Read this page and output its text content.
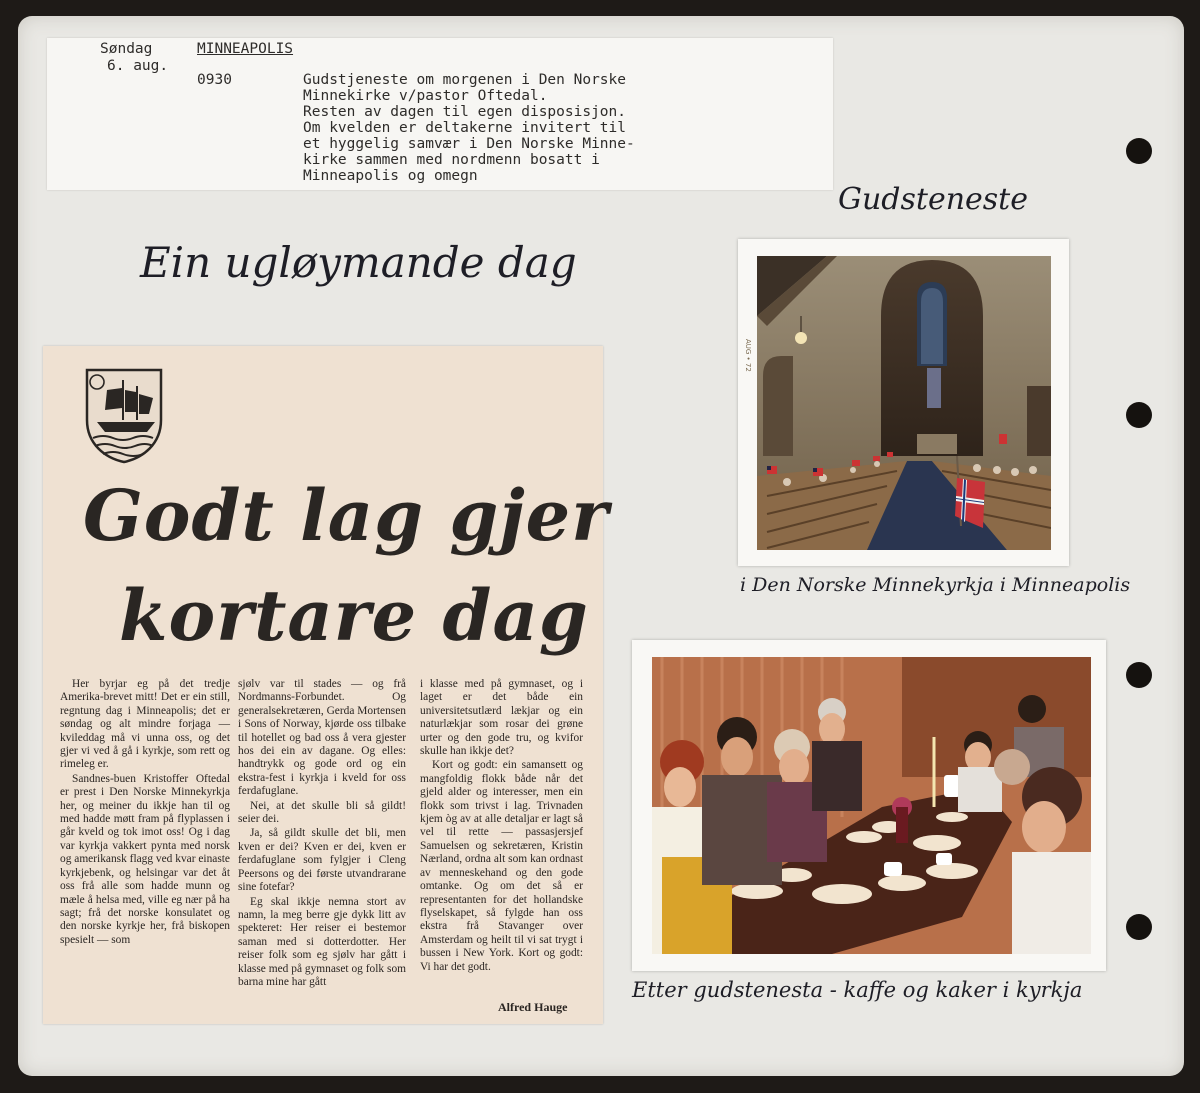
Søndag
6. aug.
MINNEAPOLIS
0930	Gudstjeneste om morgenen i Den Norske
Minnekirke v/pastor Oftedal.
Resten av dagen til egen disposisjon.
Om kvelden er deltakerne invitert til
et hyggelig samvær i Den Norske Minne-
kirke sammen med nordmenn bosatt i
Minneapolis og omegn
Ein ugløymande dag
Gudsteneste
i Den Norske Minnekyrkja i Minneapolis
Etter gudstenesta - kaffe og kaker i kyrkja
Godt lag gjer
kortare dag

Her byrjar eg på det tredje Amerika-brevet mitt! Det er ein still, regntung dag i Minneapolis; det er søndag og alt mindre forjaga — kvileddag må vi unna oss, og det gjer vi ved å gå i kyrkje, som rett og rimeleg er.

Sandnes-buen Kristoffer Oftedal er prest i Den Norske Minnekyrkja her, og meiner du ikkje han til og med hadde møtt fram på flyplassen i går kveld og tok imot oss! Og i dag var kyrkja vakkert pynta med norsk og amerikansk flagg ved kvar einaste kyrkjebenk, og helsingar var det åt oss frå alle som hadde munn og mæle å helsa med, ville eg nær på ha sagt; frå det norske konsulatet og den norske kyrkje her, frå biskopen spesielt — som

sjølv var til stades — og frå Nordmanns-Forbundet. Og generalsekretæren, Gerda Mortensen i Sons of Norway, kjørde oss tilbake til hotellet og bad oss å vera gjester hos dei ein av dagane. Og elles: handtrykk og gode ord og ein ekstra-fest i kyrkja i kveld for oss ferdafuglane.

Nei, at det skulle bli så gildt! seier dei.

Ja, så gildt skulle det bli, men kven er dei? Kven er dei, kven er ferdafuglane som fylgjer i Cleng Peersons og dei første utvandrarane sine fotefar?

Eg skal ikkje nemna stort av namn, la meg berre gje dykk litt av spekteret: Her reiser ei bestemor saman med si dotterdotter. Her reiser folk som eg sjølv har gått i klasse med på gymnaset og folk som barna mine har gått

i klasse med på gymnaset, og i laget er det både ein universitetsutlærd lækjar og ein naturlækjar som rosar dei grøne urter og den gode tru, og kvifor skulle han ikkje det?

Kort og godt: ein samansett og mangfoldig flokk både når det gjeld alder og interesser, men ein flokk som trivst i lag. Trivnaden kjem òg av at alle detaljar er lagt så vel til rette — passasjersjef Samuelsen og sekretæren, Kristin Nærland, ordna alt som kan ordnast av menneskehand og den gode omtanke. Og om det så er representanten for det hollandske flyselskapet, så fylgde han oss ekstra frå Stavanger over Amsterdam og heilt til vi sat trygt i bussen i New York. Kort og godt: Vi har det godt.

Alfred Hauge
AUG • 72
